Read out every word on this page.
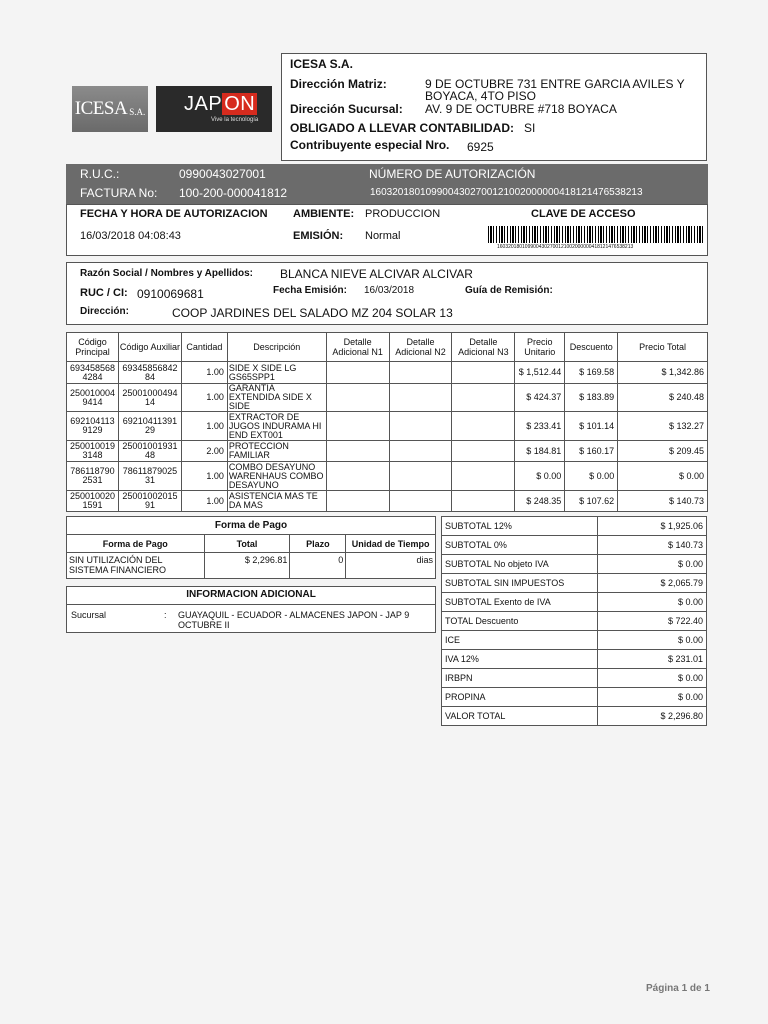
ICESA S.A. JAP ON
Vive la tecnología
ICESA S.A.
Dirección Matriz:	9 DE OCTUBRE 731 ENTRE GARCIA AVILES Y
BOYACA, 4TO PISO
Dirección Sucursal: AV. 9 DE OCTUBRE #718 BOYACA
OBLIGADO A LLEVAR CONTABILIDAD: SI
Contribuyente especial Nro. 6925
R.U.C.:	0990043027001
FACTURA No: 100-200-000041812
NÚMERO DE AUTORIZACIÓN
16032018010990043027001210020000004181214765382​13
FECHA Y HORA DE AUTORIZACION
16/03/2018 04:08:43
AMBIENTE: PRODUCCION
EMISIÓN: Normal
CLAVE DE ACCESO
1603201801099004302700121002000000418121476538213
Razón Social / Nombres y Apellidos: BLANCA NIEVE ALCIVAR ALCIVAR
RUC / CI: 0910069681	Fecha Emisión: 16/03/2018	Guía de Remisión:
Dirección:	COOP JARDINES DEL SALADO MZ 204 SOLAR 13
Código Principal	Código Auxiliar	Cantidad	Descripción	Detalle Adicional N1	Detalle Adicional N2	Detalle Adicional N3	Precio Unitario	Descuento	Precio Total
693458568 4284	69345856842 84	1.00	SIDE X SIDE LG GS65SPP1				$ 1,512.44	$ 169.58	$ 1,342.86
250010004 9414	25001000494 14	1.00	GARANTIA EXTENDIDA SIDE X SIDE				$ 424.37	$ 183.89	$ 240.48
692104113 9129	69210411391 29	1.00	EXTRACTOR DE JUGOS INDURAMA HI END EXT001				$ 233.41	$ 101.14	$ 132.27
250010019 3148	25001001931 48	2.00	PROTECCION FAMILIAR				$ 184.81	$ 160.17	$ 209.45
786118790 2531	78611879025 31	1.00	COMBO DESAYUNO WARENHAUS COMBO DESAYUNO				$ 0.00	$ 0.00	$ 0.00
250010020 1591	25001002015 91	1.00	ASISTENCIA MAS TE DA MAS				$ 248.35	$ 107.62	$ 140.73
Forma de Pago			
Forma de Pago	Total	Plazo	Unidad de Tiempo
SIN UTILIZACIÓN DEL SISTEMA FINANCIERO	$ 2,296.81	0	dias
INFORMACION ADICIONAL
Sucursal	: GUAYAQUIL - ECUADOR - ALMACENES JAPON - JAP 9 OCTUBRE II
SUBTOTAL 12%	$ 1,925.06
SUBTOTAL 0%	$ 140.73
SUBTOTAL No objeto IVA	$ 0.00
SUBTOTAL SIN IMPUESTOS	$ 2,065.79
SUBTOTAL Exento de IVA	$ 0.00
TOTAL Descuento	$ 722.40
ICE	$ 0.00
IVA 12%	$ 231.01
IRBPN	$ 0.00
PROPINA	$ 0.00
VALOR TOTAL	$ 2,296.80
Página 1 de 1
